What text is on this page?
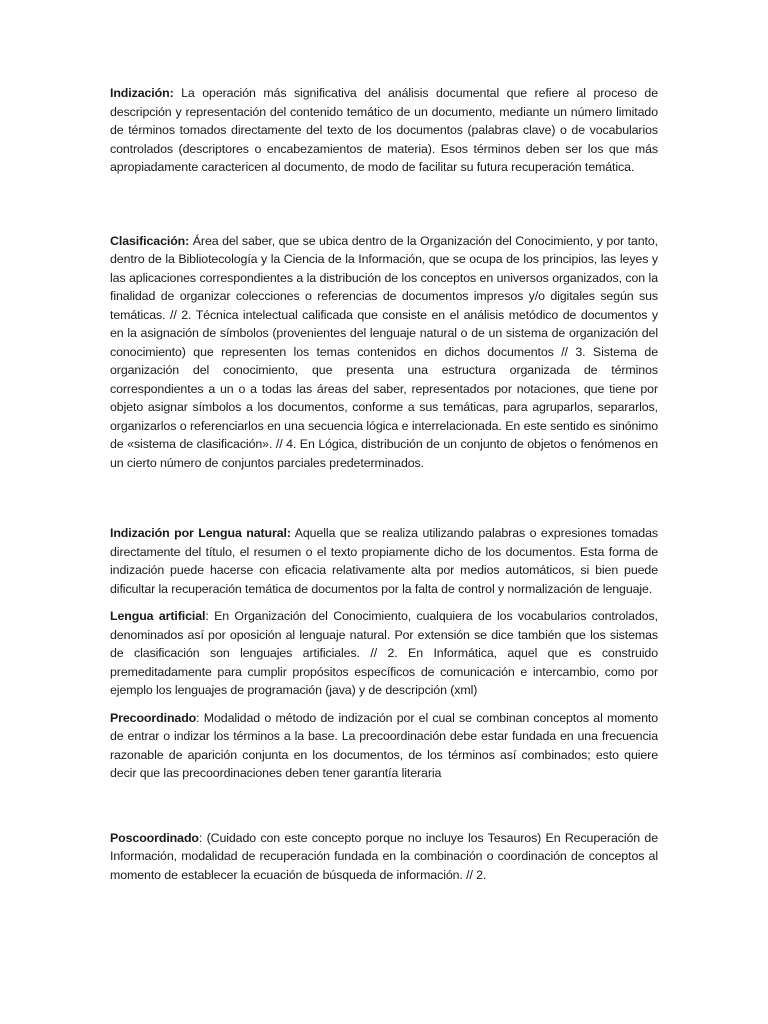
Indización: La operación más significativa del análisis documental que refiere al proceso de descripción y representación del contenido temático de un documento, mediante un número limitado de términos tomados directamente del texto de los documentos (palabras clave) o de vocabularios controlados (descriptores o encabezamientos de materia). Esos términos deben ser los que más apropiadamente caractericen al documento, de modo de facilitar su futura recuperación temática.

Clasificación: Área del saber, que se ubica dentro de la Organización del Conocimiento, y por tanto, dentro de la Bibliotecología y la Ciencia de la Información, que se ocupa de los principios, las leyes y las aplicaciones correspondientes a la distribución de los conceptos en universos organizados, con la finalidad de organizar colecciones o referencias de documentos impresos y/o digitales según sus temáticas. // 2. Técnica intelectual calificada que consiste en el análisis metódico de documentos y en la asignación de símbolos (provenientes del lenguaje natural o de un sistema de organización del conocimiento) que representen los temas contenidos en dichos documentos // 3. Sistema de organización del conocimiento, que presenta una estructura organizada de términos correspondientes a un o a todas las áreas del saber, representados por notaciones, que tiene por objeto asignar símbolos a los documentos, conforme a sus temáticas, para agruparlos, separarlos, organizarlos o referenciarlos en una secuencia lógica e interrelacionada. En este sentido es sinónimo de «sistema de clasificación». // 4. En Lógica, distribución de un conjunto de objetos o fenómenos en un cierto número de conjuntos parciales predeterminados.

Indización por Lengua natural: Aquella que se realiza utilizando palabras o expresiones tomadas directamente del título, el resumen o el texto propiamente dicho de los documentos. Esta forma de indización puede hacerse con eficacia relativamente alta por medios automáticos, si bien puede dificultar la recuperación temática de documentos por la falta de control y normalización de lenguaje.

Lengua artificial: En Organización del Conocimiento, cualquiera de los vocabularios controlados, denominados así por oposición al lenguaje natural. Por extensión se dice también que los sistemas de clasificación son lenguajes artificiales. // 2. En Informática, aquel que es construido premeditadamente para cumplir propósitos específicos de comunicación e intercambio, como por ejemplo los lenguajes de programación (java) y de descripción (xml)

Precoordinado: Modalidad o método de indización por el cual se combinan conceptos al momento de entrar o indizar los términos a la base. La precoordinación debe estar fundada en una frecuencia razonable de aparición conjunta en los documentos, de los términos así combinados; esto quiere decir que las precoordinaciones deben tener garantía literaria

Poscoordinado: (Cuidado con este concepto porque no incluye los Tesauros) En Recuperación de Información, modalidad de recuperación fundada en la combinación o coordinación de conceptos al momento de establecer la ecuación de búsqueda de información. // 2.
